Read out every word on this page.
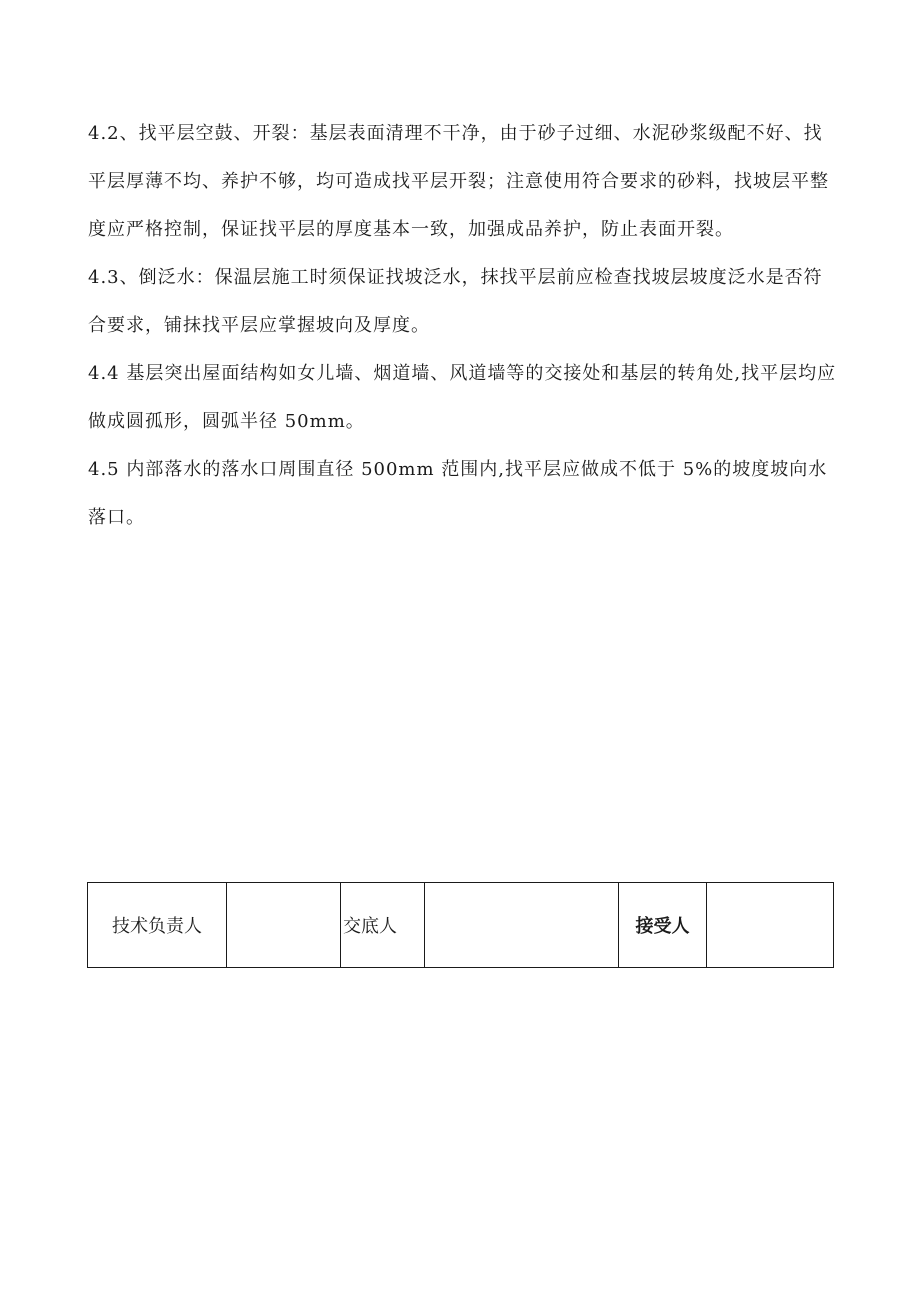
4.2、找平层空鼓、开裂：基层表面清理不干净，由于砂子过细、水泥砂浆级配不好、找平层厚薄不均、养护不够，均可造成找平层开裂；注意使用符合要求的砂料，找坡层平整度应严格控制，保证找平层的厚度基本一致，加强成品养护，防止表面开裂。

4.3、倒泛水：保温层施工时须保证找坡泛水，抹找平层前应检查找坡层坡度泛水是否符合要求，铺抹找平层应掌握坡向及厚度。

4.4 基层突出屋面结构如女儿墙、烟道墙、风道墙等的交接处和基层的转角处,找平层均应做成圆孤形，圆弧半径 50mm。

4.5 内部落水的落水口周围直径 500mm 范围内,找平层应做成不低于 5%的坡度坡向水落口。

技术负责人		交底人		接受人	
